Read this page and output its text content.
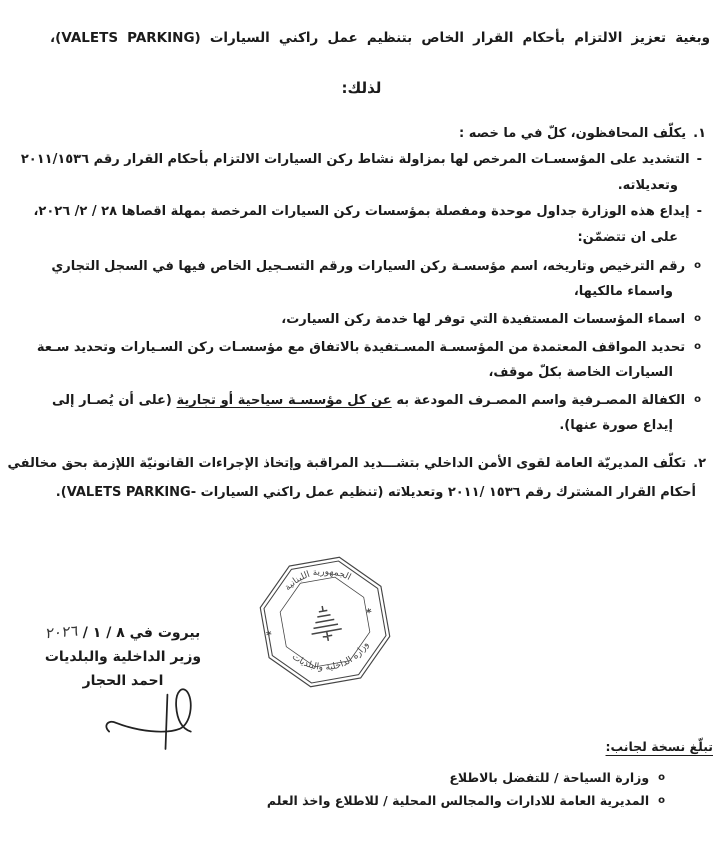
وبغية تعزيز الالتزام بأحكام القرار الخاص بتنظيم عمل راكني السيارات (VALETS PARKING)،

لذلك:

١.يكلّف المحافظون، كلّ في ما خصه :
-التشديد على المؤسسـات المرخص لها بمزاولة نشاط ركن السيارات الالتزام بأحكام القرار رقم ٢٠١١/١٥٣٦
وتعديلاته.
-إيداع هذه الوزارة جداول موحدة ومفصلة بمؤسسات ركن السيارات المرخصة بمهلة اقصاها ٢٨ / ٢/ ٢٠٢٦،
على ان تتضمّن:
oرقم الترخيص وتاريخه، اسم مؤسسـة ركن السيارات ورقم التسـجيل الخاص فيها في السجل التجاري
واسماء مالكيها،
oاسماء المؤسسات المستفيدة التي توفر لها خدمة ركن السيارت،
oتحديد المواقف المعتمدة من المؤسسـة المسـتفيدة بالاتفاق مع مؤسسـات ركن السـيارات وتحديد سـعة
السيارات الخاصة بكلّ موقف،
oالكفالة المصـرفية واسم المصـرف المودعة به عن كل مؤسسـة سياحية أو تجارية (على أن يُصـار إلى
إيداع صورة عنها).
٢.تكلّف المديريّة العامة لقوى الأمن الداخلي بتشـــديد المراقبة وإتخاذ الإجراءات القانونيّة اللإزمة بحق مخالفي
أحكام القرار المشترك رقم ١٥٣٦ /٢٠١١ وتعديلاته (تنظيم عمل راكني السيارات -VALETS PARKING).
الجمهورية اللبنانية
وزارة الداخلية والبلديات
*
*
بيروت في ٨ / ١ / ٢٠٢٦
وزير الداخلية والبلديات
احمد الحجار
تبلّغ نسخة لجانب:
oوزارة السياحة / للتفضل بالاطلاع
oالمديرية العامة للادارات والمجالس المحلية / للاطلاع واخذ العلم
